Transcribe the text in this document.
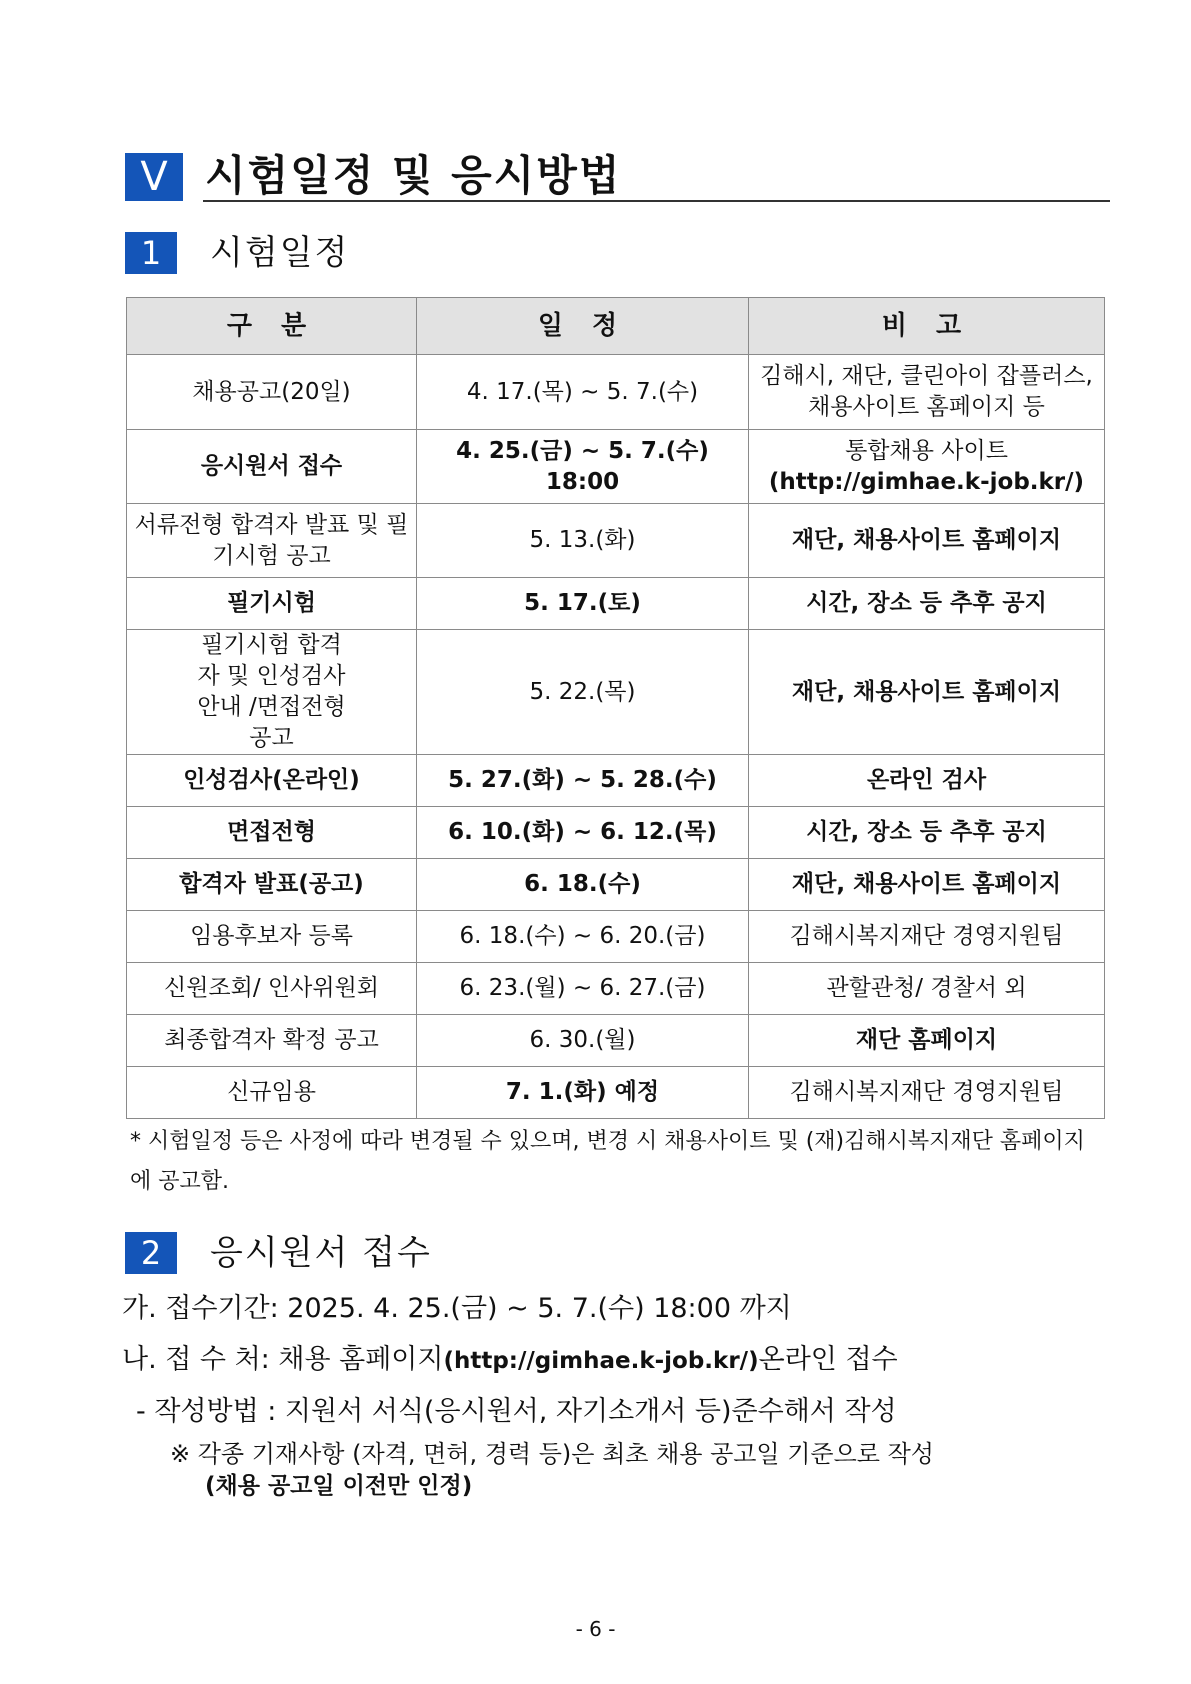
V 시험일정 및 응시방법
1	시험일정
구 분	일 정	비 고
채용공고(20일)	4. 17.(목) ~ 5. 7.(수)	김해시, 재단, 클린아이 잡플러스, 채용사이트 홈페이지 등
응시원서 접수	4. 25.(금) ~ 5. 7.(수) 18:00	통합채용 사이트
(http://gimhae.k-job.kr/)

서류전형 합격자 발표 및 필기시험 공고	5. 13.(화)	재단, 채용사이트 홈페이지
필기시험	5. 17.(토)	시간, 장소 등 추후 공지
필기시험 합격자 및 인성검사 안내 /면접전형 공고	5. 22.(목)	재단, 채용사이트 홈페이지
인성검사(온라인)	5. 27.(화) ~ 5. 28.(수)	온라인 검사
면접전형	6. 10.(화) ~ 6. 12.(목)	시간, 장소 등 추후 공지
합격자 발표(공고)	6. 18.(수)	재단, 채용사이트 홈페이지
임용후보자 등록	6. 18.(수) ~ 6. 20.(금)	김해시복지재단 경영지원팀
신원조회/ 인사위원회	6. 23.(월) ~ 6. 27.(금)	관할관청/ 경찰서 외
최종합격자 확정 공고	6. 30.(월)	재단 홈페이지
신규임용	7. 1.(화) 예정	김해시복지재단 경영지원팀
* 시험일정 등은 사정에 따라 변경될 수 있으며, 변경 시 채용사이트 및 (재)김해시복지재단 홈페이지에 공고함.
2	응시원서 접수
가. 접수기간: 2025. 4. 25.(금) ~ 5. 7.(수) 18:00 까지
나. 접 수 처: 채용 홈페이지(http://gimhae.k-job.kr/)온라인 접수
- 작성방법 : 지원서 서식(응시원서, 자기소개서 등)준수해서 작성
※ 각종 기재사항 (자격, 면허, 경력 등)은 최초 채용 공고일 기준으로 작성
(채용 공고일 이전만 인정)
- 6 -
